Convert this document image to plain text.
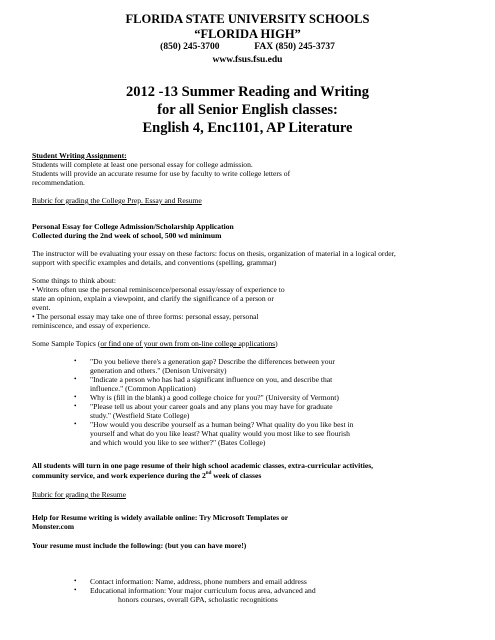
FLORIDA STATE UNIVERSITY SCHOOLS
“FLORIDA HIGH”
(850) 245-3700	FAX (850) 245-3737
www.fsus.fsu.edu
2012 -13 Summer Reading and Writing
for all Senior English classes:
English 4, Enc1101, AP Literature
Student Writing Assignment:
Students will complete at least one personal essay for college admission.
Students will provide an accurate resume for use by faculty to write college letters of
recommendation.
Rubric for grading the College Prep. Essay and Resume
Personal Essay for College Admission/Scholarship Application
Collected during the 2nd week of school, 500 wd minimum
The instructor will be evaluating your essay on these factors: focus on thesis, organization of material in a logical order,
support with specific examples and details, and conventions (spelling, grammar)
Some things to think about:
• Writers often use the personal reminiscence/personal essay/essay of experience to
state an opinion, explain a viewpoint, and clarify the significance of a person or
event.
• The personal essay may take one of three forms: personal essay, personal
reminiscence, and essay of experience.
Some Sample Topics (or find one of your own from on-line college applications)
• "Do you believe there's a generation gap? Describe the differences between your
generation and others." (Denison University)
• "Indicate a person who has had a significant influence on you, and describe that
influence." (Common Application)
• Why is (fill in the blank) a good college choice for you?" (University of Vermont)
• "Please tell us about your career goals and any plans you may have for graduate
study." (Westfield State College)
• "How would you describe yourself as a human being? What quality do you like best in
yourself and what do you like least? What quality would you most like to see flourish
and which would you like to see wither?" (Bates College)
All students will turn in one page resume of their high school academic classes, extra-curricular activities,
community service, and work experience during the 2nd week of classes
Rubric for grading the Resume
Help for Resume writing is widely available online: Try Microsoft Templates or
Monster.com
Your resume must include the following: (but you can have more!)
• Contact information: Name, address, phone numbers and email address
• Educational information: Your major curriculum focus area, advanced and
honors courses, overall GPA, scholastic recognitions
